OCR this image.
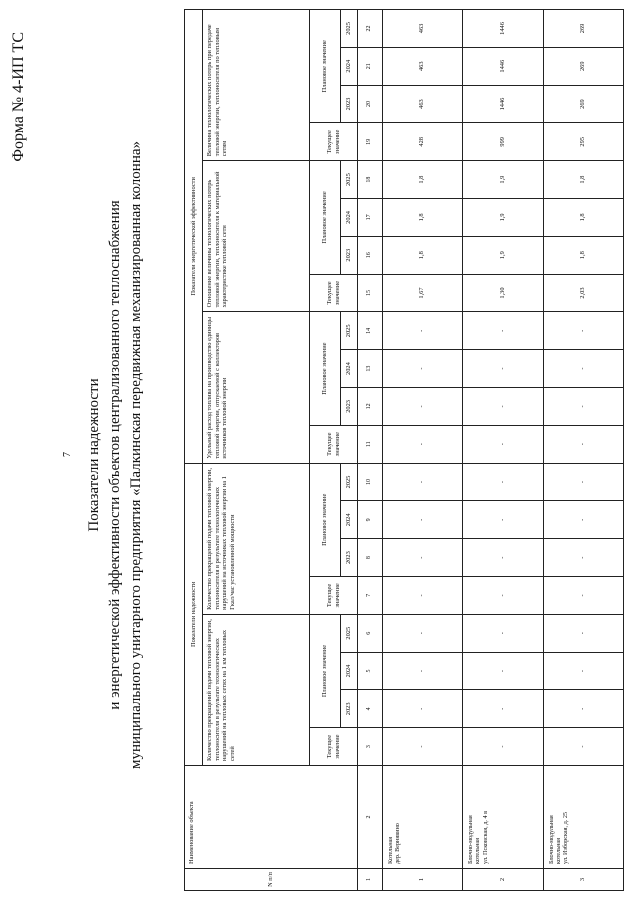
Форма № 4-ИП ТС
7 Показатели надежности и энергетической эффективности объектов централизованного теплоснабжения муниципального унитарного предприятия «Палкинская передвижная механизированная колонна»
N п/п	Наименование объекта	Показатели надежности								Показатели энергетической эффективности											
		Количество прекращений подачи тепловой энергии, теплоносителя в результате технологических нарушений на тепловых сетях на 1 км тепловых сетей				Количество прекращений подачи тепловой энергии, теплоносителя в результате технологических нарушений на источниках тепловой энергии на 1 Гкал/час установленной мощности				Удельный расход топлива на производство единицы тепловой энергии, отпускаемой с коллекторов источников тепловой энергии				Отношение величины технологических потерь тепловой энергии, теплоносителя к материальной характеристике тепловой сети				Величина технологических потерь при передаче тепловой энергии, теплоносителя по тепловым сетям			
		Текущее значение	Плановое значение			Текущее значение	Плановое значение			Текущее значение	Плановое значение			Текущее значение	Плановое значение			Текущее значение	Плановое значение		
			2023	2024	2025		2023	2024	2025		2023	2024	2025		2023	2024	2025		2023	2024	2025
1	2	3	4	5	6	7	8	9	10	11	12	13	14	15	16	17	18	19	20	21	22
1	Котельная дер. Вернявино	-	-	-	-	-	-	-	-	-	-	-	-	1,67	1,8	1,8	1,8	428	463	463	463
2	Блочно-модульная котельная ул. Псковская, д. 4 в	-	-	-	-	-	-	-	-	-	-	-	-	1,30	1,9	1,9	1,9	999	1446	1446	1446
3	Блочно-модульная котельная ул. Изборская, д. 25	-	-	-	-	-	-	-	-	-	-	-	-	2,03	1,8	1,8	1,8	295	269	269	269
